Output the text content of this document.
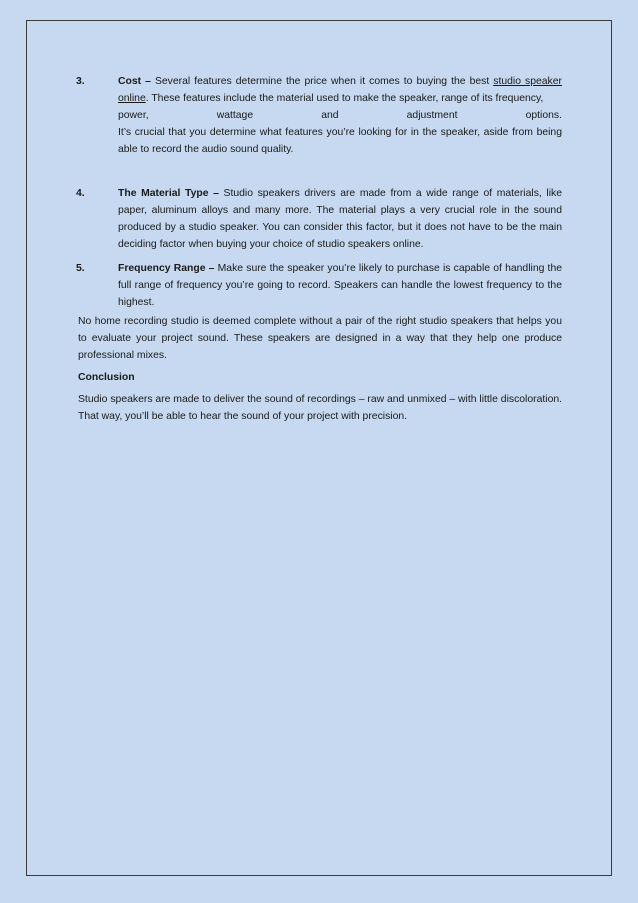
3.	Cost – Several features determine the price when it comes to buying the best studio speaker online. These features include the material used to make the speaker, range of its frequency,
power,	wattage	and	adjustment	options.
It’s crucial that you determine what features you’re looking for in the speaker, aside from being able to record the audio sound quality.
4.	The Material Type – Studio speakers drivers are made from a wide range of materials, like paper, aluminum alloys and many more. The material plays a very crucial role in the sound produced by a studio speaker. You can consider this factor, but it does not have to be the main deciding factor when buying your choice of studio speakers online.
5.	Frequency Range – Make sure the speaker you’re likely to purchase is capable of handling the full range of frequency you’re going to record. Speakers can handle the lowest frequency to the highest.

No home recording studio is deemed complete without a pair of the right studio speakers that helps you to evaluate your project sound. These speakers are designed in a way that they help one produce professional mixes.

Conclusion

Studio speakers are made to deliver the sound of recordings – raw and unmixed – with little discoloration. That way, you’ll be able to hear the sound of your project with precision.
